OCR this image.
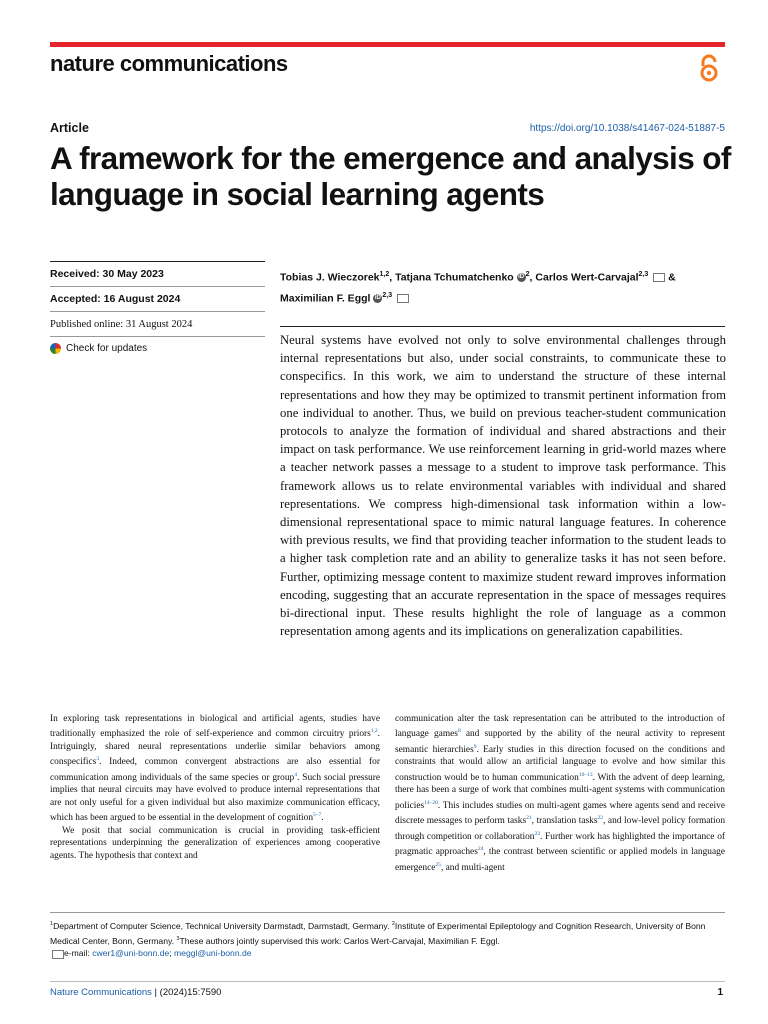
nature communications
Article	https://doi.org/10.1038/s41467-024-51887-5
A framework for the emergence and analysis of language in social learning agents
Received: 30 May 2023
Accepted: 16 August 2024
Published online: 31 August 2024
Check for updates
Tobias J. Wieczorek$^{1,2}$, Tatjana Tchumatchenko iD $^2$, Carlos Wert-Carvajal$^{2,3}$  &
Maximilian F. Eggl iD $^{2,3}$
Neural systems have evolved not only to solve environmental challenges through internal representations but also, under social constraints, to communicate these to conspecifics. In this work, we aim to understand the structure of these internal representations and how they may be optimized to transmit pertinent information from one individual to another. Thus, we build on previous teacher-student communication protocols to analyze the formation of individual and shared abstractions and their impact on task performance. We use reinforcement learning in grid-world mazes where a teacher network passes a message to a student to improve task performance. This framework allows us to relate environmental variables with individual and shared representations. We compress high-dimensional task information within a low-dimensional representational space to mimic natural language features. In coherence with previous results, we find that providing teacher information to the student leads to a higher task completion rate and an ability to generalize tasks it has not seen before. Further, optimizing message content to maximize student reward improves information encoding, suggesting that an accurate representation in the space of messages requires bi-directional input. These results highlight the role of language as a common representation among agents and its implications on generalization capabilities.

In exploring task representations in biological and artificial agents, studies have traditionally emphasized the role of self-experience and common circuitry priors$^{1,2}$. Intriguingly, shared neural representations underlie similar behaviors among conspecifics$^3$. Indeed, common convergent abstractions are also essential for communication among individuals of the same species or group$^4$. Such social pressure implies that neural circuits may have evolved to produce internal representations that are not only useful for a given individual but also maximize communication efficacy, which has been argued to be essential in the development of cognition$^{5-7}$.

We posit that social communication is crucial in providing task-efficient representations underpinning the generalization of experiences among cooperative agents. The hypothesis that context and

communication alter the task representation can be attributed to the introduction of language games$^8$ and supported by the ability of the neural activity to represent semantic hierarchies$^9$. Early studies in this direction focused on the conditions and constraints that would allow an artificial language to evolve and how similar this construction would be to human communication$^{10-13}$. With the advent of deep learning, there has been a surge of work that combines multi-agent systems with communication policies$^{14-20}$. This includes studies on multi-agent games where agents send and receive discrete messages to perform tasks$^{21}$, translation tasks$^{22}$, and low-level policy formation through competition or collaboration$^{23}$. Further work has highlighted the importance of pragmatic approaches$^{24}$, the contrast between scientific or applied models in language emergence$^{25}$, and multi-agent

$^1$Department of Computer Science, Technical University Darmstadt, Darmstadt, Germany. $^2$Institute of Experimental Epileptology and Cognition Research, University of Bonn Medical Center, Bonn, Germany. $^3$These authors jointly supervised this work: Carlos Wert-Carvajal, Maximilian F. Eggl.
e-mail: cwer1@uni-bonn.de; meggl@uni-bonn.de
Nature Communications | (2024)15:7590	1
